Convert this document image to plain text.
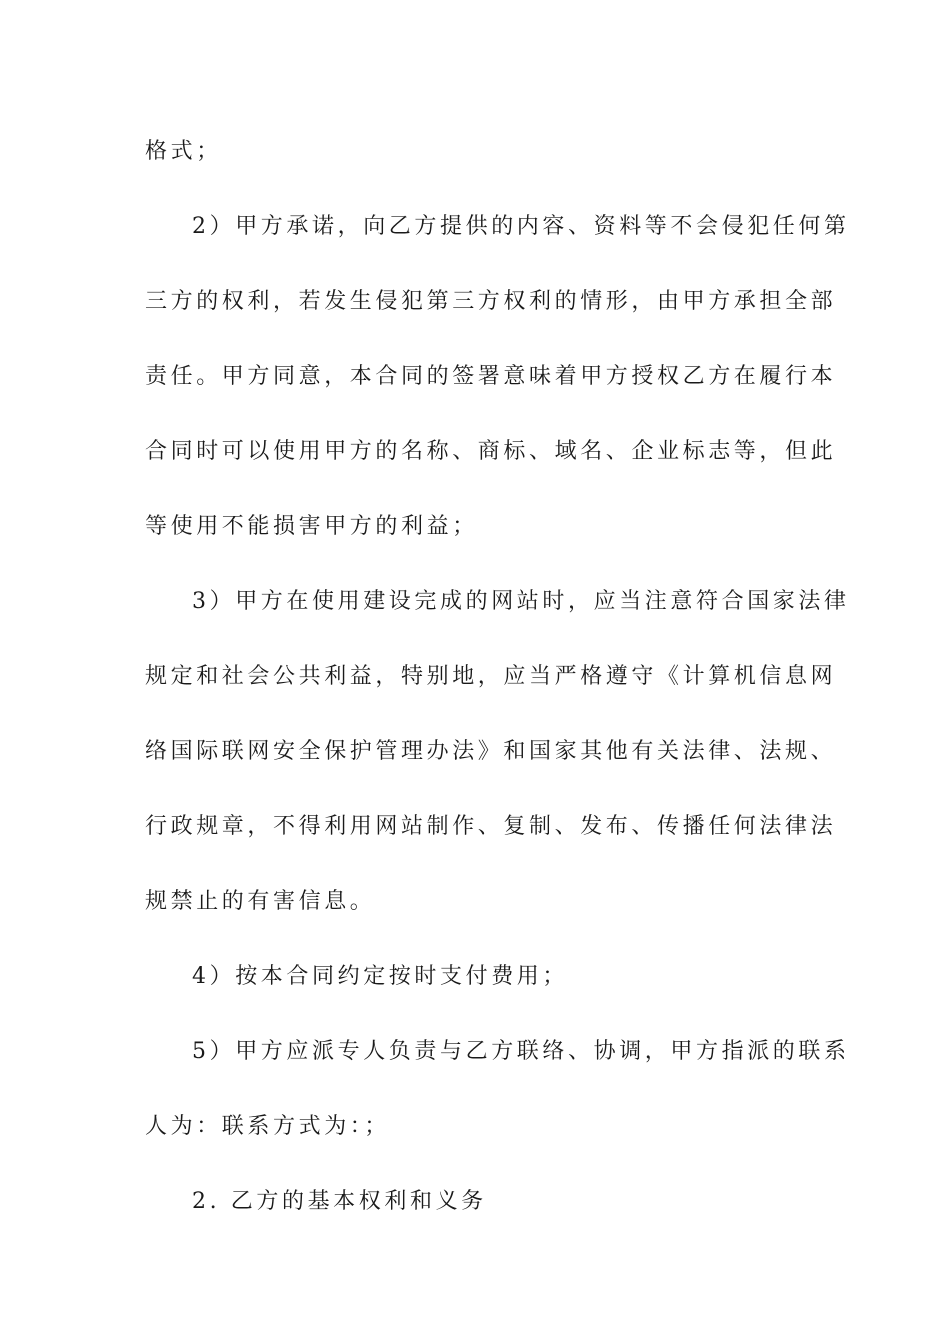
格式；
2）甲方承诺，向乙方提供的内容、资料等不会侵犯任何第
三方的权利，若发生侵犯第三方权利的情形，由甲方承担全部
责任。甲方同意，本合同的签署意味着甲方授权乙方在履行本
合同时可以使用甲方的名称、商标、域名、企业标志等，但此
等使用不能损害甲方的利益；
3）甲方在使用建设完成的网站时，应当注意符合国家法律
规定和社会公共利益，特别地，应当严格遵守《计算机信息网
络国际联网安全保护管理办法》和国家其他有关法律、法规、
行政规章，不得利用网站制作、复制、发布、传播任何法律法
规禁止的有害信息。
4）按本合同约定按时支付费用；
5）甲方应派专人负责与乙方联络、协调，甲方指派的联系
人为：联系方式为：；
2. 乙方的基本权利和义务
